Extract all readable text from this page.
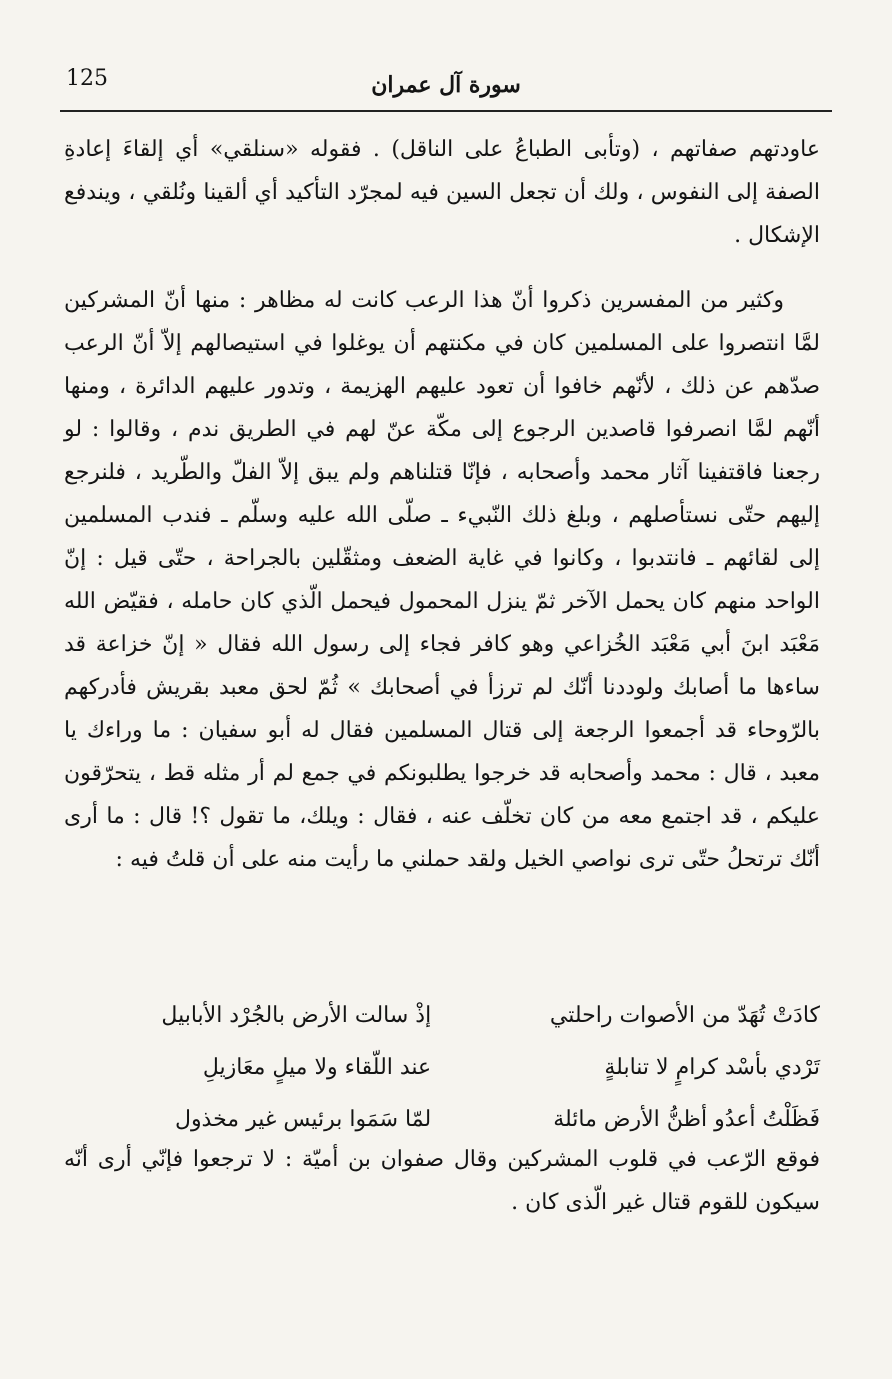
125	سورة آل عمران

عاودتهم صفاتهم ، (وتأبى الطباعُ على الناقل) . فقوله «سنلقي» أي إلقاءَ إعادةِ الصفة إلى النفوس ، ولك أن تجعل السين فيه لمجرّد التأكيد أي ألقينا ونُلقي ، ويندفع الإشكال .

وكثير من المفسرين ذكروا أنّ هذا الرعب كانت له مظاهر : منها أنّ المشركين لمَّا انتصروا على المسلمين كان في مكنتهم أن يوغلوا في استيصالهم إلاّ أنّ الرعب صدّهم عن ذلك ، لأنّهم خافوا أن تعود عليهم الهزيمة ، وتدور عليهم الدائرة ، ومنها أنّهم لمَّا انصرفوا قاصدين الرجوع إلى مكّة عنّ لهم في الطريق ندم ، وقالوا : لو رجعنا فاقتفينا آثار محمد وأصحابه ، فإنّا قتلناهم ولم يبق إلاّ الفلّ والطّريد ، فلنرجع إليهم حتّى نستأصلهم ، وبلغ ذلك النّبيء ـ صلّى الله عليه وسلّم ـ فندب المسلمين إلى لقائهم ـ فانتدبوا ، وكانوا في غاية الضعف ومثقّلين بالجراحة ، حتّى قيل : إنّ الواحد منهم كان يحمل الآخر ثمّ ينزل المحمول فيحمل الّذي كان حامله ، فقيّض الله مَعْبَد ابنَ أبي مَعْبَد الخُزاعي وهو كافر فجاء إلى رسول الله فقال « إنّ خزاعة قد ساءها ما أصابك ولوددنا أنّك لم ترزأ في أصحابك » ثُمّ لحق معبد بقريش فأدركهم بالرّوحاء قد أجمعوا الرجعة إلى قتال المسلمين فقال له أبو سفيان : ما وراءك يا معبد ، قال : محمد وأصحابه قد خرجوا يطلبونكم في جمع لم أر مثله قط ، يتحرّقون عليكم ، قد اجتمع معه من كان تخلّف عنه ، فقال : ويلك، ما تقول ؟! قال : ما أرى أنّك ترتحلُ حتّى ترى نواصي الخيل ولقد حملني ما رأيت منه على أن قلتُ فيه :

كادَتْ تُهَدّ من الأصوات راحلتي
إذْ سالت الأرض بالجُرْد الأبابيل
تَرْدي بأسْد كرامٍ لا تنابلةٍ
عند اللّقاء ولا ميلٍ معَازيلِ
فَظَلْتُ أعدُو أظنُّ الأرض مائلة
لمّا سَمَوا برئيس غير مخذول

فوقع الرّعب في قلوب المشركين وقال صفوان بن أميّة : لا ترجعوا فإنّي أرى أنّه سيكون للقوم قتال غير الّذى كان .
